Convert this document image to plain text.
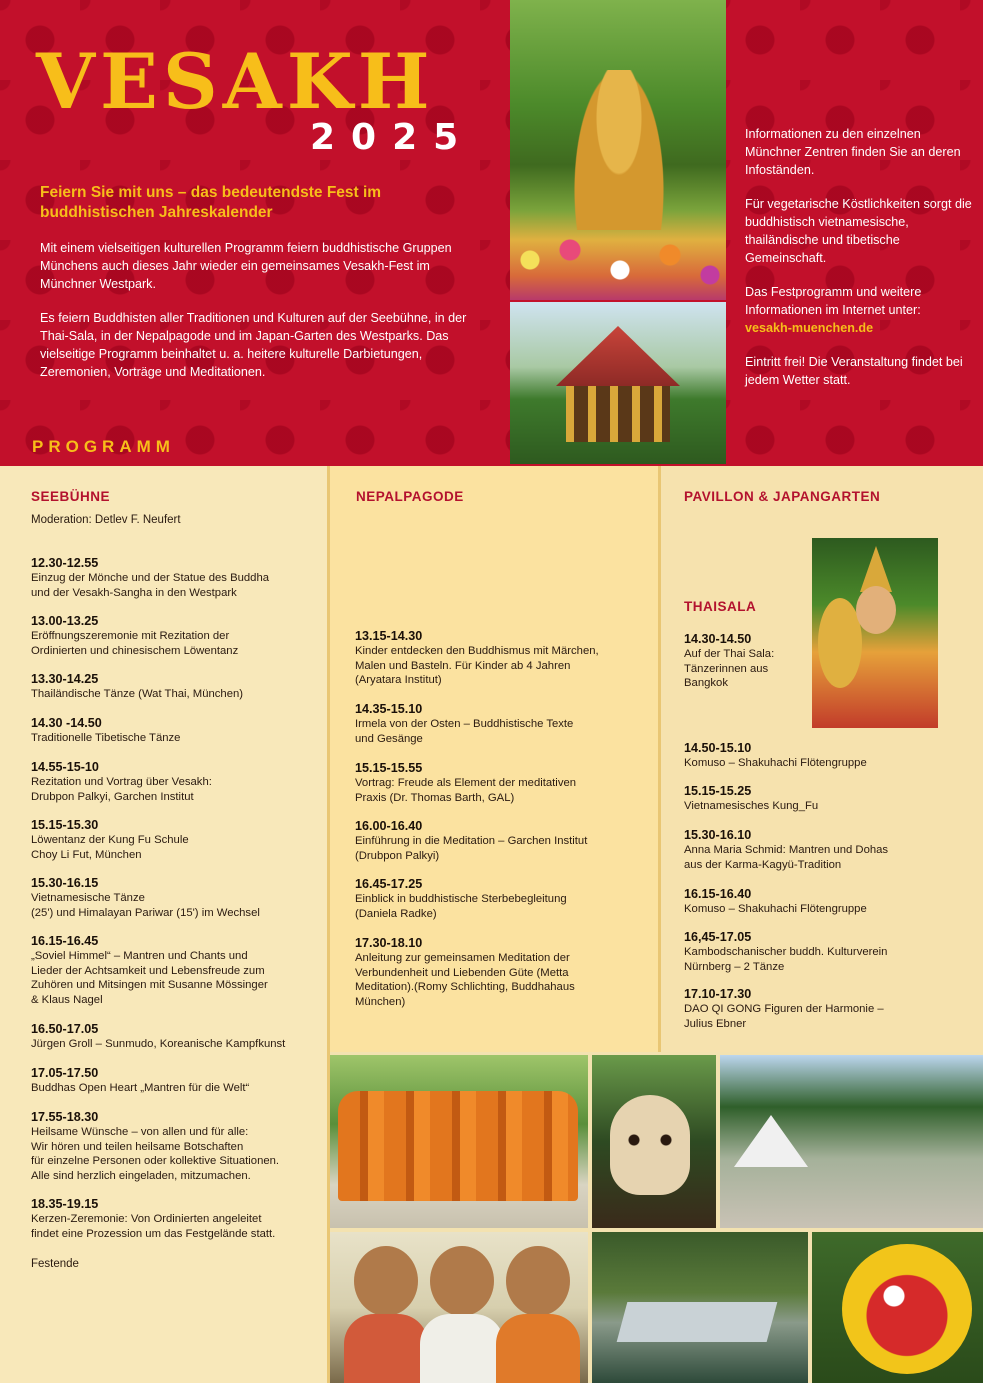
VESAKH
2025
Feiern Sie mit uns – das bedeutendste Fest im buddhistischen Jahreskalender

Mit einem vielseitigen kulturellen Programm feiern buddhistische Gruppen Münchens auch dieses Jahr wieder ein gemeinsames Vesakh-Fest im Münchner Westpark.

Es feiern Buddhisten aller Traditionen und Kulturen auf der Seebühne, in der Thai-Sala, in der Nepalpagode und im Japan-Garten des Westparks. Das vielseitige Programm beinhaltet u. a. heitere kulturelle Darbietungen, Zeremonien, Vorträge und Meditationen.

PROGRAMM

Informationen zu den einzelnen Münchner Zentren finden Sie an deren Infoständen.

Für vegetarische Köstlichkeiten sorgt die buddhistisch vietnamesische, thailändische und tibetische Gemeinschaft.

Das Festprogramm und weitere Informationen im Internet unter:
vesakh-muenchen.de

Eintritt frei! Die Veranstaltung findet bei jedem Wetter statt.

SEEBÜHNE
Moderation: Detlev F. Neufert
12.30-12.55
Einzug der Mönche und der Statue des Buddha
und der Vesakh-Sangha in den Westpark
13.00-13.25
Eröffnungszeremonie mit Rezitation der
Ordinierten und chinesischem Löwentanz
13.30-14.25
Thailändische Tänze (Wat Thai, München)
14.30 -14.50
Traditionelle Tibetische Tänze
14.55-15-10
Rezitation und Vortrag über Vesakh:
Drubpon Palkyi, Garchen Institut
15.15-15.30
Löwentanz der Kung Fu Schule
Choy Li Fut, München
15.30-16.15
Vietnamesische Tänze
(25') und Himalayan Pariwar (15') im Wechsel
16.15-16.45
„Soviel Himmel“ – Mantren und Chants und
Lieder der Achtsamkeit und Lebensfreude zum
Zuhören und Mitsingen mit Susanne Mössinger
& Klaus Nagel
16.50-17.05
Jürgen Groll – Sunmudo, Koreanische Kampfkunst
17.05-17.50
Buddhas Open Heart „Mantren für die Welt“
17.55-18.30
Heilsame Wünsche – von allen und für alle:
Wir hören und teilen heilsame Botschaften
für einzelne Personen oder kollektive Situationen.
Alle sind herzlich eingeladen, mitzumachen.
18.35-19.15
Kerzen-Zeremonie: Von Ordinierten angeleitet
findet eine Prozession um das Festgelände statt.
Festende
NEPALPAGODE
13.15-14.30
Kinder entdecken den Buddhismus mit Märchen,
Malen und Basteln. Für Kinder ab 4 Jahren
(Aryatara Institut)
14.35-15.10
Irmela von der Osten – Buddhistische Texte
und Gesänge
15.15-15.55
Vortrag: Freude als Element der meditativen
Praxis (Dr. Thomas Barth, GAL)
16.00-16.40
Einführung in die Meditation – Garchen Institut
(Drubpon Palkyi)
16.45-17.25
Einblick in buddhistische Sterbebegleitung
(Daniela Radke)
17.30-18.10
Anleitung zur gemeinsamen Meditation der
Verbundenheit und Liebenden Güte (Metta
Meditation).(Romy Schlichting, Buddhahaus
München)
PAVILLON & JAPANGARTEN
THAISALA
14.30-14.50
Auf der Thai Sala:
Tänzerinnen aus
Bangkok
14.50-15.10
Komuso – Shakuhachi Flötengruppe
15.15-15.25
Vietnamesisches Kung_Fu
15.30-16.10
Anna Maria Schmid: Mantren und Dohas
aus der Karma-Kagyü-Tradition
16.15-16.40
Komuso – Shakuhachi Flötengruppe
16,45-17.05
Kambodschanischer buddh. Kulturverein
Nürnberg – 2 Tänze
17.10-17.30
DAO QI GONG Figuren der Harmonie –
Julius Ebner
